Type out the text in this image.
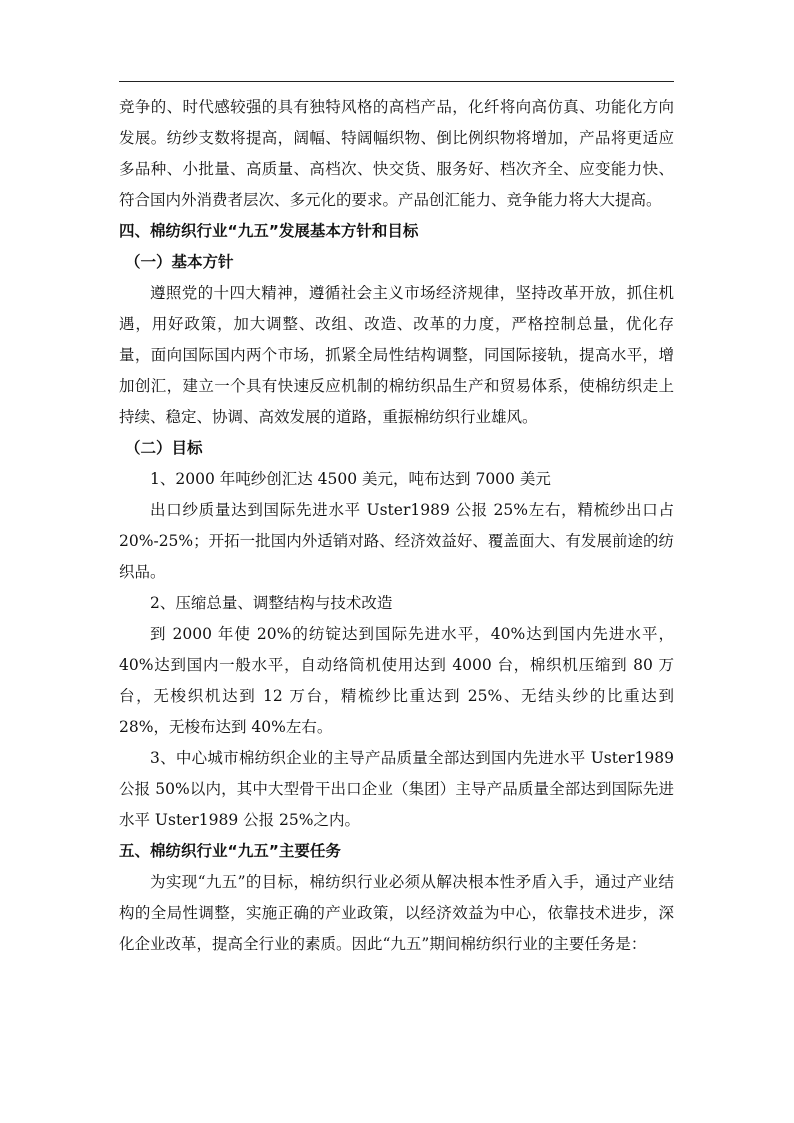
竞争的、时代感较强的具有独特风格的高档产品，化纤将向高仿真、功能化方向发展。纺纱支数将提高，阔幅、特阔幅织物、倒比例织物将增加，产品将更适应多品种、小批量、高质量、高档次、快交货、服务好、档次齐全、应变能力快、符合国内外消费者层次、多元化的要求。产品创汇能力、竞争能力将大大提高。

四、棉纺织行业“九五”发展基本方针和目标

（一）基本方针

遵照党的十四大精神，遵循社会主义市场经济规律，坚持改革开放，抓住机遇，用好政策，加大调整、改组、改造、改革的力度，严格控制总量，优化存量，面向国际国内两个市场，抓紧全局性结构调整，同国际接轨，提高水平，增加创汇，建立一个具有快速反应机制的棉纺织品生产和贸易体系，使棉纺织走上持续、稳定、协调、高效发展的道路，重振棉纺织行业雄风。

（二）目标

1、2000 年吨纱创汇达 4500 美元，吨布达到 7000 美元

出口纱质量达到国际先进水平 Uster1989 公报 25%左右，精梳纱出口占 20%-25%；开拓一批国内外适销对路、经济效益好、覆盖面大、有发展前途的纺织品。

2、压缩总量、调整结构与技术改造

到 2000 年使 20%的纺锭达到国际先进水平，40%达到国内先进水平，40%达到国内一般水平，自动络筒机使用达到 4000 台，棉织机压缩到 80 万台，无梭织机达到 12 万台，精梳纱比重达到 25%、无结头纱的比重达到 28%，无梭布达到 40%左右。

3、中心城市棉纺织企业的主导产品质量全部达到国内先进水平 Uster1989 公报 50%以内，其中大型骨干出口企业（集团）主导产品质量全部达到国际先进水平 Uster1989 公报 25%之内。

五、棉纺织行业“九五”主要任务

为实现“九五”的目标，棉纺织行业必须从解决根本性矛盾入手，通过产业结构的全局性调整，实施正确的产业政策，以经济效益为中心，依靠技术进步，深化企业改革，提高全行业的素质。因此“九五”期间棉纺织行业的主要任务是：
